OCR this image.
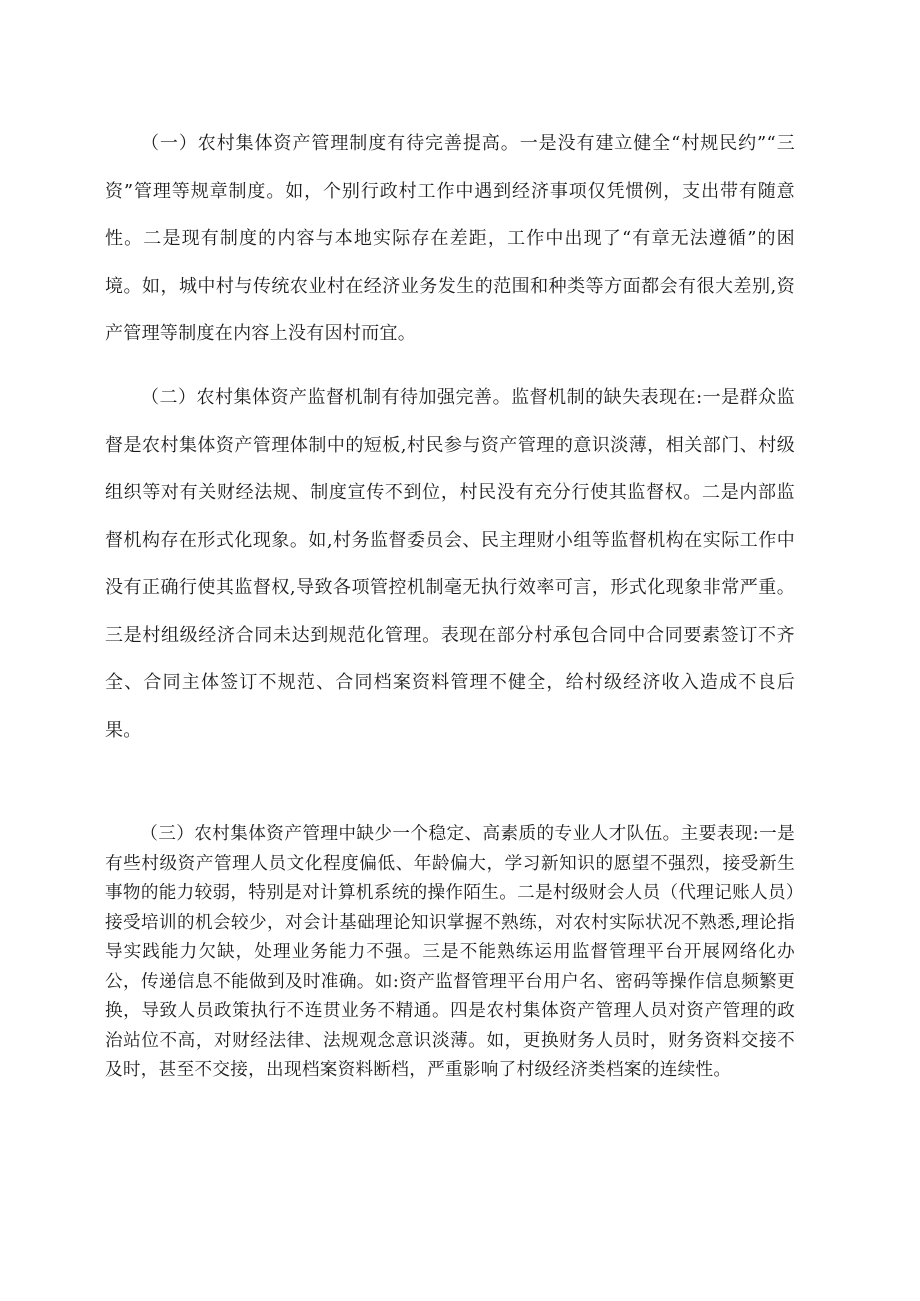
（一）农村集体资产管理制度有待完善提高。一是没有建立健全“村规民约”“三资”管理等规章制度。如，个别行政村工作中遇到经济事项仅凭惯例，支出带有随意性。二是现有制度的内容与本地实际存在差距，工作中出现了“有章无法遵循”的困境。如，城中村与传统农业村在经济业务发生的范围和种类等方面都会有很大差别,资产管理等制度在内容上没有因村而宜。

（二）农村集体资产监督机制有待加强完善。监督机制的缺失表现在:一是群众监督是农村集体资产管理体制中的短板,村民参与资产管理的意识淡薄，相关部门、村级组织等对有关财经法规、制度宣传不到位，村民没有充分行使其监督权。二是内部监督机构存在形式化现象。如,村务监督委员会、民主理财小组等监督机构在实际工作中没有正确行使其监督权,导致各项管控机制毫无执行效率可言，形式化现象非常严重。三是村组级经济合同未达到规范化管理。表现在部分村承包合同中合同要素签订不齐全、合同主体签订不规范、合同档案资料管理不健全，给村级经济收入造成不良后果。

（三）农村集体资产管理中缺少一个稳定、高素质的专业人才队伍。主要表现:一是有些村级资产管理人员文化程度偏低、年龄偏大，学习新知识的愿望不强烈，接受新生事物的能力较弱，特别是对计算机系统的操作陌生。二是村级财会人员（代理记账人员）接受培训的机会较少，对会计基础理论知识掌握不熟练，对农村实际状况不熟悉,理论指导实践能力欠缺，处理业务能力不强。三是不能熟练运用监督管理平台开展网络化办公，传递信息不能做到及时准确。如:资产监督管理平台用户名、密码等操作信息频繁更换，导致人员政策执行不连贯业务不精通。四是农村集体资产管理人员对资产管理的政治站位不高，对财经法律、法规观念意识淡薄。如，更换财务人员时，财务资料交接不及时，甚至不交接，出现档案资料断档，严重影响了村级经济类档案的连续性。
